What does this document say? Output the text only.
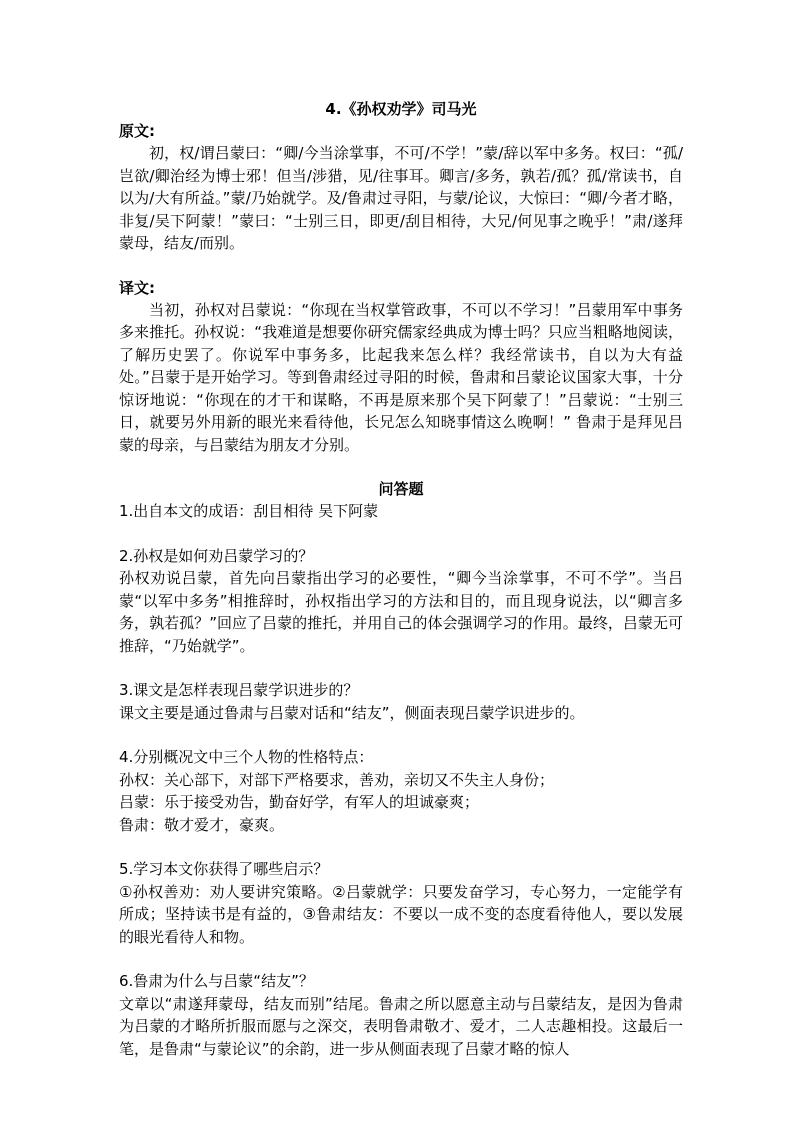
4.《孙权劝学》司马光

原文:

初，权/谓吕蒙曰：“卿/今当涂掌事，不可/不学！”蒙/辞以军中多务。权曰：“孤/岂欲/卿治经为博士邪！但当/涉猎，见/往事耳。卿言/多务，孰若/孤？孤/常读书，自以为/大有所益。”蒙/乃始就学。及/鲁肃过寻阳，与蒙/论议，大惊曰：“卿/今者才略，非复/吴下阿蒙！”蒙曰：“士别三日，即更/刮目相待，大兄/何见事之晚乎！”肃/遂拜蒙母，结友/而别。

译文:

当初，孙权对吕蒙说：“你现在当权掌管政事，不可以不学习！”吕蒙用军中事务多来推托。孙权说：“我难道是想要你研究儒家经典成为博士吗？只应当粗略地阅读，了解历史罢了。你说军中事务多，比起我来怎么样？我经常读书，自以为大有益处。”吕蒙于是开始学习。等到鲁肃经过寻阳的时候，鲁肃和吕蒙论议国家大事，十分惊讶地说：“你现在的才干和谋略，不再是原来那个吴下阿蒙了！”吕蒙说：“士别三日，就要另外用新的眼光来看待他，长兄怎么知晓事情这么晚啊！” 鲁肃于是拜见吕蒙的母亲，与吕蒙结为朋友才分别。

问答题

1.出自本文的成语：刮目相待 吴下阿蒙

2.孙权是如何劝吕蒙学习的？

孙权劝说吕蒙，首先向吕蒙指出学习的必要性，“卿今当涂掌事，不可不学”。当吕蒙“以军中多务”相推辞时，孙权指出学习的方法和目的，而且现身说法，以“卿言多务，孰若孤？”回应了吕蒙的推托，并用自己的体会强调学习的作用。最终，吕蒙无可推辞，“乃始就学”。

3.课文是怎样表现吕蒙学识进步的？

课文主要是通过鲁肃与吕蒙对话和“结友”，侧面表现吕蒙学识进步的。

4.分别概况文中三个人物的性格特点：

孙权：关心部下，对部下严格要求，善劝，亲切又不失主人身份；

吕蒙：乐于接受劝告，勤奋好学，有军人的坦诚豪爽；

鲁肃：敬才爱才，豪爽。

5.学习本文你获得了哪些启示？

①孙权善劝：劝人要讲究策略。②吕蒙就学：只要发奋学习，专心努力，一定能学有所成；坚持读书是有益的，③鲁肃结友：不要以一成不变的态度看待他人，要以发展的眼光看待人和物。

6.鲁肃为什么与吕蒙“结友”？

文章以“肃遂拜蒙母，结友而别”结尾。鲁肃之所以愿意主动与吕蒙结友，是因为鲁肃为吕蒙的才略所折服而愿与之深交，表明鲁肃敬才、爱才，二人志趣相投。这最后一笔，是鲁肃“与蒙论议”的余韵，进一步从侧面表现了吕蒙才略的惊人
